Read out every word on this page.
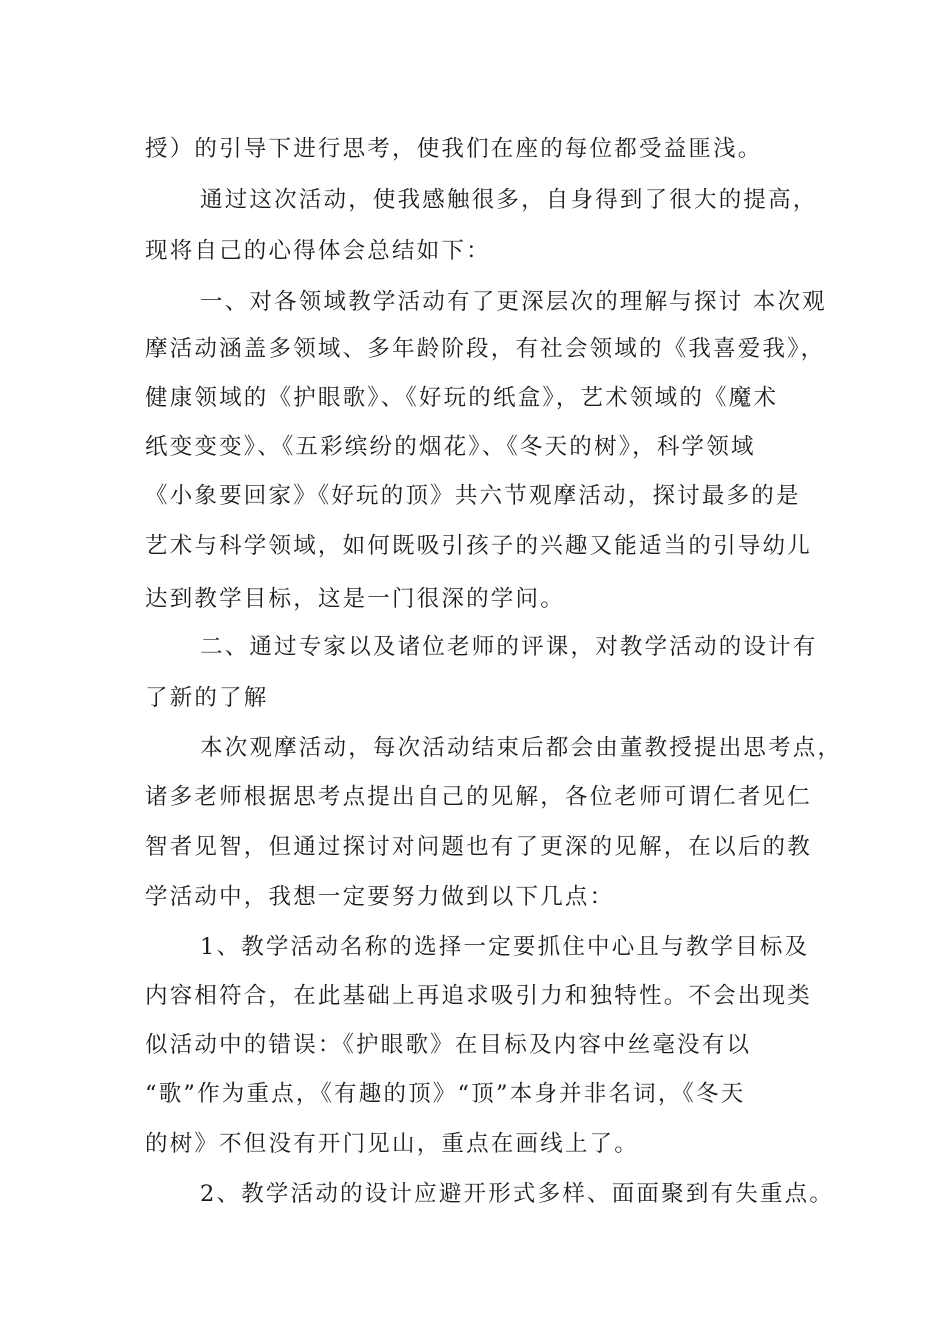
授）的引导下进行思考，使我们在座的每位都受益匪浅。
通过这次活动，使我感触很多，自身得到了很大的提高，
现将自己的心得体会总结如下：
一、对各领域教学活动有了更深层次的理解与探讨 本次观
摩活动涵盖多领域、多年龄阶段，有社会领域的《我喜爱我》，
健康领域的《护眼歌》、《好玩的纸盒》，艺术领域的《魔术
纸变变变》、《五彩缤纷的烟花》、《冬天的树》，科学领域
《小象要回家》《好玩的顶》共六节观摩活动，探讨最多的是
艺术与科学领域，如何既吸引孩子的兴趣又能适当的引导幼儿
达到教学目标，这是一门很深的学问。
二、通过专家以及诸位老师的评课，对教学活动的设计有
了新的了解
本次观摩活动，每次活动结束后都会由董教授提出思考点，
诸多老师根据思考点提出自己的见解，各位老师可谓仁者见仁
智者见智，但通过探讨对问题也有了更深的见解，在以后的教
学活动中，我想一定要努力做到以下几点：
1、教学活动名称的选择一定要抓住中心且与教学目标及
内容相符合，在此基础上再追求吸引力和独特性。不会出现类
似活动中的错误：《护眼歌》在目标及内容中丝毫没有以
“歌”作为重点，《有趣的顶》“顶”本身并非名词，《冬天
的树》不但没有开门见山，重点在画线上了。
2、教学活动的设计应避开形式多样、面面聚到有失重点。
